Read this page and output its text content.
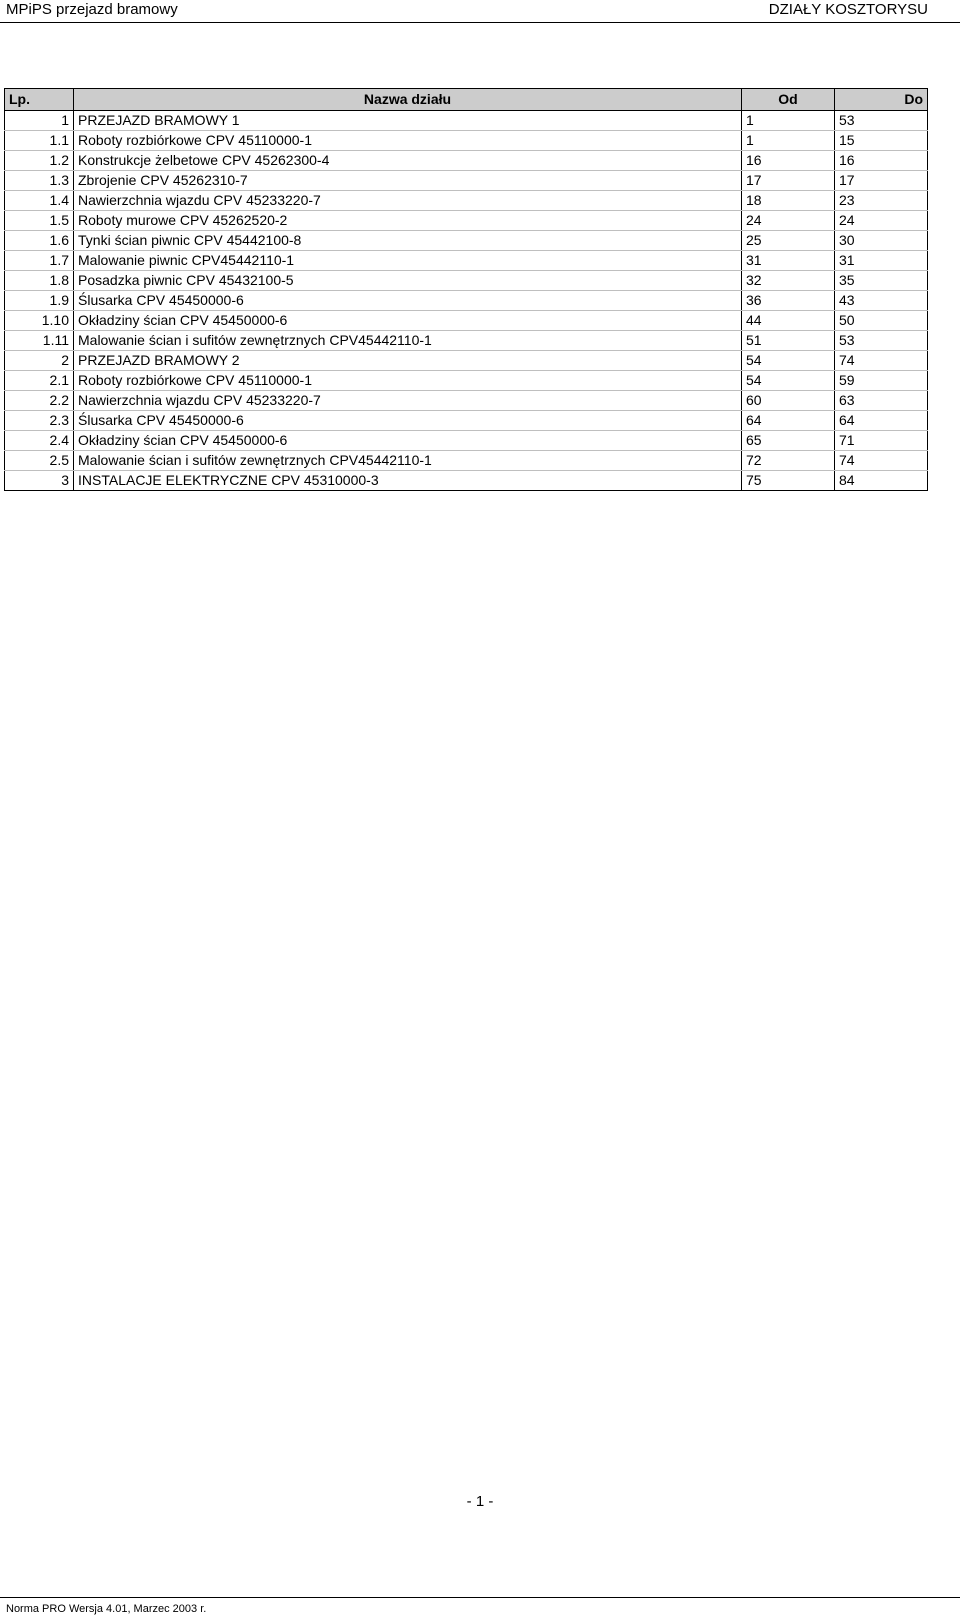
MPiPS przejazd bramowy	DZIAŁY KOSZTORYSU
Lp.	Nazwa działu	Od	Do
1	PRZEJAZD BRAMOWY 1	1	53
1.1	Roboty rozbiórkowe CPV 45110000-1	1	15
1.2	Konstrukcje żelbetowe CPV 45262300-4	16	16
1.3	Zbrojenie CPV 45262310-7	17	17
1.4	Nawierzchnia wjazdu CPV 45233220-7	18	23
1.5	Roboty murowe CPV 45262520-2	24	24
1.6	Tynki ścian piwnic CPV 45442100-8	25	30
1.7	Malowanie piwnic CPV45442110-1	31	31
1.8	Posadzka piwnic CPV 45432100-5	32	35
1.9	Ślusarka CPV 45450000-6	36	43
1.10	Okładziny ścian CPV 45450000-6	44	50
1.11	Malowanie ścian i sufitów zewnętrznych CPV45442110-1	51	53
2	PRZEJAZD BRAMOWY 2	54	74
2.1	Roboty rozbiórkowe CPV 45110000-1	54	59
2.2	Nawierzchnia wjazdu CPV 45233220-7	60	63
2.3	Ślusarka CPV 45450000-6	64	64
2.4	Okładziny ścian CPV 45450000-6	65	71
2.5	Malowanie ścian i sufitów zewnętrznych CPV45442110-1	72	74
3	INSTALACJE ELEKTRYCZNE CPV 45310000-3	75	84
- 1 -
Norma PRO Wersja 4.01, Marzec 2003 r.
